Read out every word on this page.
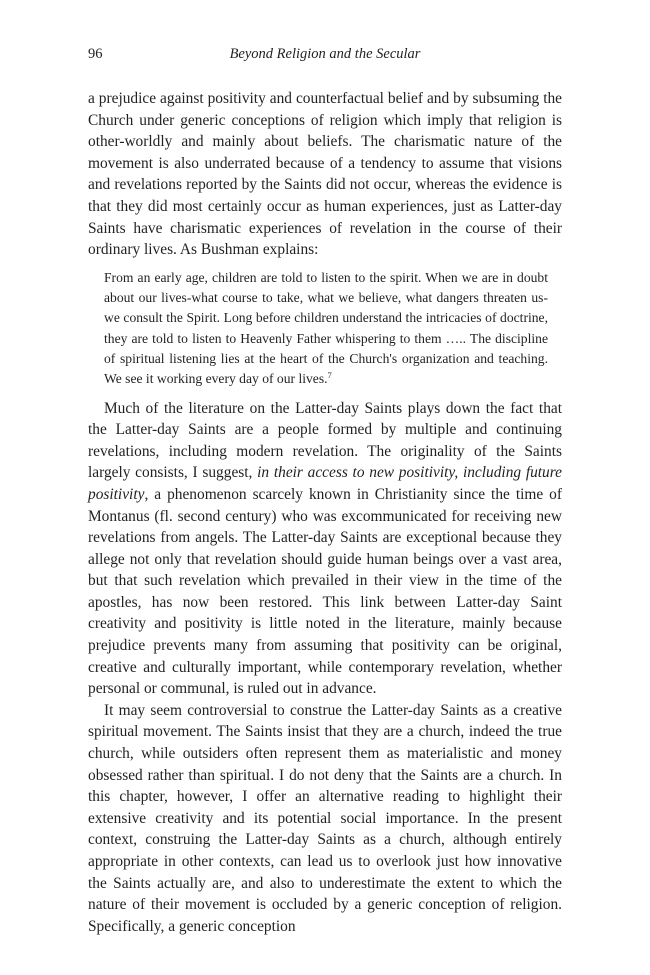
96	Beyond Religion and the Secular

a prejudice against positivity and counterfactual belief and by subsuming the Church under generic conceptions of religion which imply that religion is other-worldly and mainly about beliefs. The charismatic nature of the movement is also underrated because of a tendency to assume that visions and revelations reported by the Saints did not occur, whereas the evidence is that they did most certainly occur as human experiences, just as Latter-day Saints have charismatic experiences of revelation in the course of their ordinary lives. As Bushman explains:

From an early age, children are told to listen to the spirit. When we are in doubt about our lives-what course to take, what we believe, what dangers threaten us-we consult the Spirit. Long before children understand the intricacies of doctrine, they are told to listen to Heavenly Father whispering to them ….. The discipline of spiritual listening lies at the heart of the Church's organization and teaching. We see it working every day of our lives.$^7$

Much of the literature on the Latter-day Saints plays down the fact that the Latter-day Saints are a people formed by multiple and continuing revelations, including modern revelation. The originality of the Saints largely consists, I suggest, in their access to new positivity, including future positivity, a phenomenon scarcely known in Christianity since the time of Montanus (fl. second century) who was excommunicated for receiving new revelations from angels. The Latter-day Saints are exceptional because they allege not only that revelation should guide human beings over a vast area, but that such revelation which prevailed in their view in the time of the apostles, has now been restored. This link between Latter-day Saint creativity and positivity is little noted in the literature, mainly because prejudice prevents many from assuming that positivity can be original, creative and culturally important, while contemporary revelation, whether personal or communal, is ruled out in advance.

It may seem controversial to construe the Latter-day Saints as a creative spiritual movement. The Saints insist that they are a church, indeed the true church, while outsiders often represent them as materialistic and money obsessed rather than spiritual. I do not deny that the Saints are a church. In this chapter, however, I offer an alternative reading to highlight their extensive creativity and its potential social importance. In the present context, construing the Latter-day Saints as a church, although entirely appropriate in other contexts, can lead us to overlook just how innovative the Saints actually are, and also to underestimate the extent to which the nature of their movement is occluded by a generic conception of religion. Specifically, a generic conception
